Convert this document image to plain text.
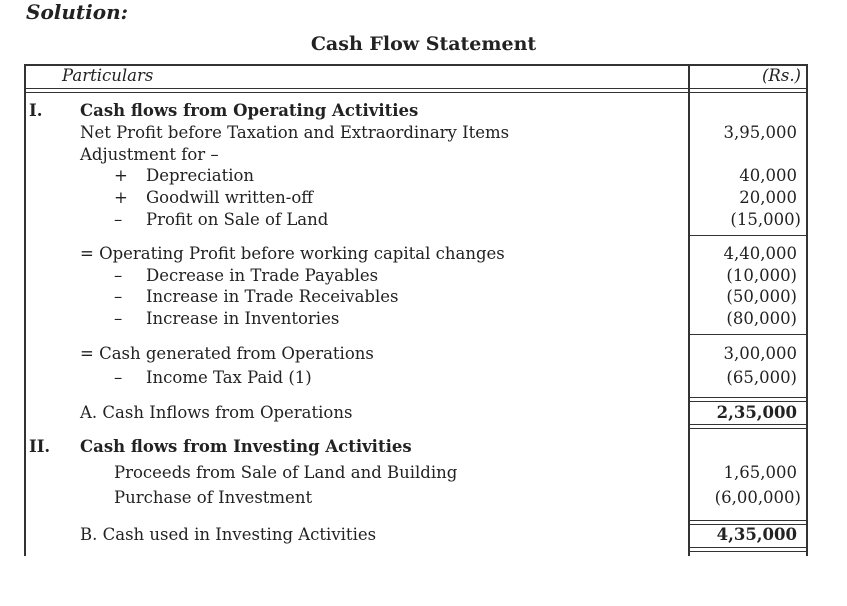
Solution:
Cash Flow Statement
Particulars	(Rs.)
I. Cash flows from Operating Activities
Net Profit before Taxation and Extraordinary Items	3,95,000
Adjustment for –
+ Depreciation	40,000
+ Goodwill written-off	20,000
– Profit on Sale of Land	(15,000)
= Operating Profit before working capital changes	4,40,000
– Decrease in Trade Payables	(10,000)
– Increase in Trade Receivables	(50,000)
– Increase in Inventories	(80,000)
= Cash generated from Operations	3,00,000
– Income Tax Paid (1)	(65,000)
A. Cash Inflows from Operations	2,35,000
II. Cash flows from Investing Activities
Proceeds from Sale of Land and Building	1,65,000
Purchase of Investment	(6,00,000)
B. Cash used in Investing Activities	4,35,000
